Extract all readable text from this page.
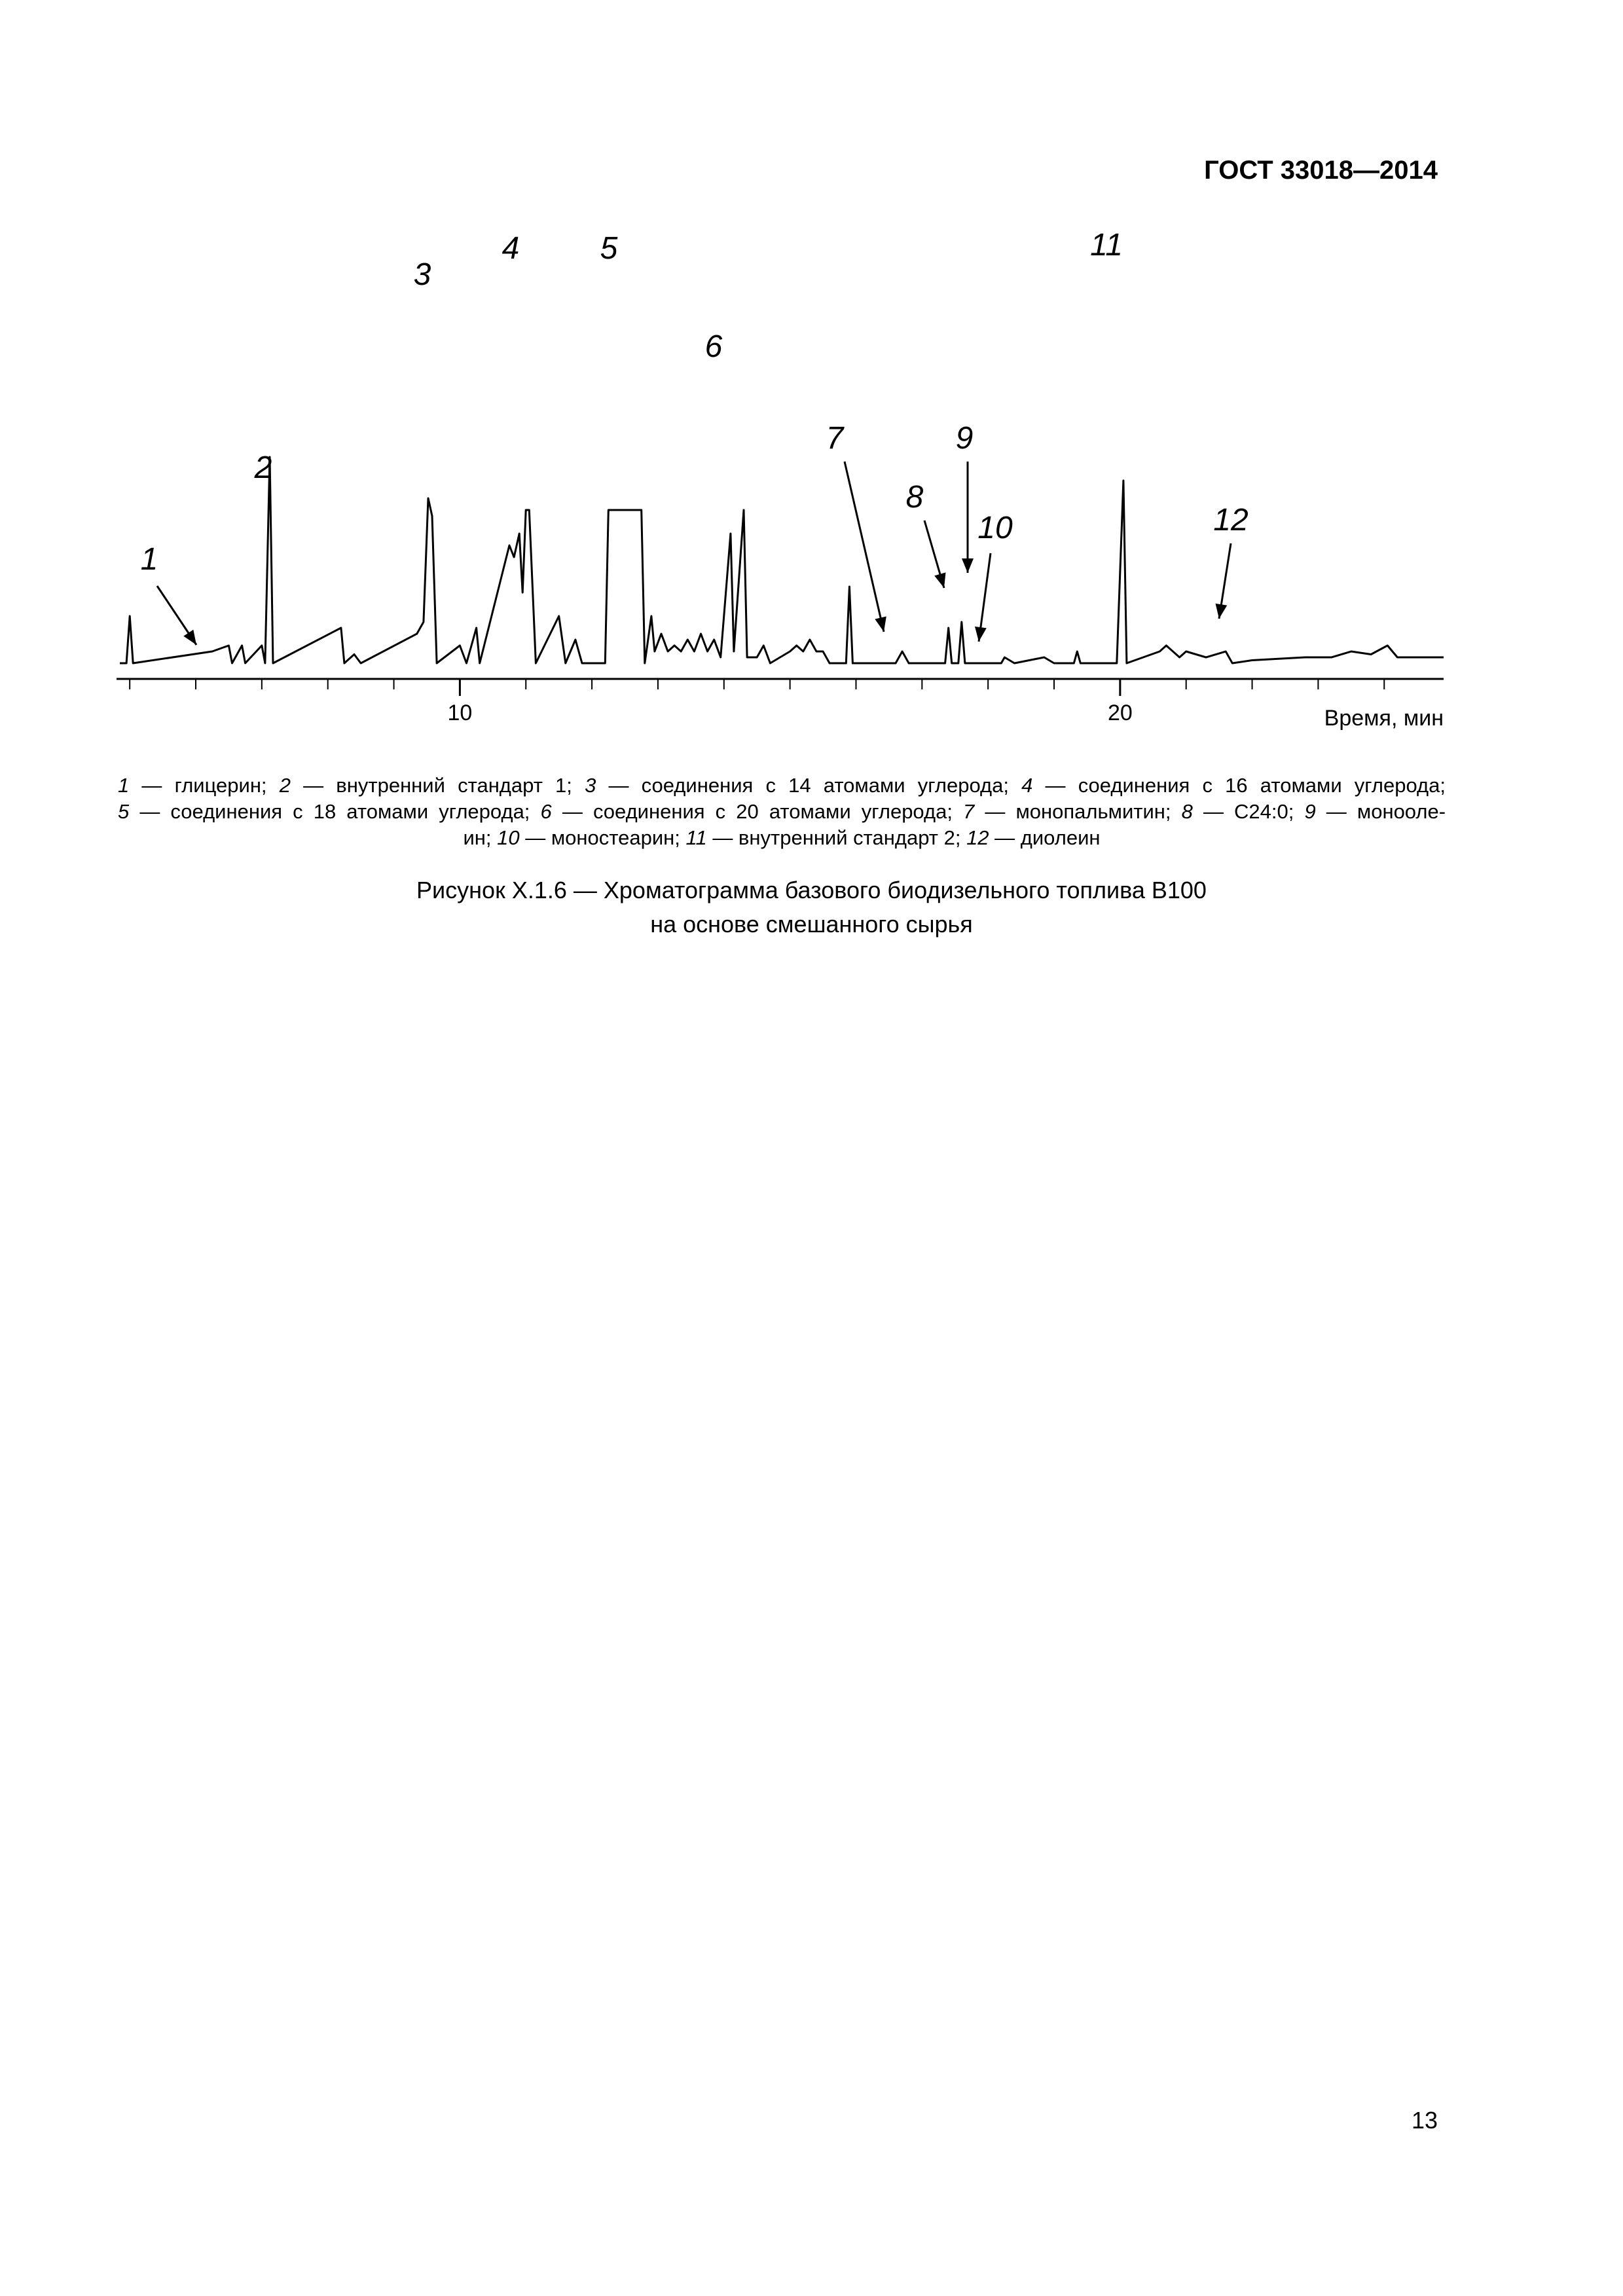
ГОСТ 33018—2014
10	20	Время, мин
1
2
3
4	5
6
7
8
9
10
11
12

1 — глицерин; 2 — внутренний стандарт 1; 3 — соединения с 14 атомами углерода; 4 — соединения с 16 атомами углерода;

5 — соединения с 18 атомами углерода; 6 — соединения с 20 атомами углерода; 7 — монопальмитин; 8 — C24:0; 9 — моноолe-

ин; 10 — моностеарин; 11 — внутренний стандарт 2; 12 — диолеин

Рисунок X.1.6 — Хроматограмма базового биодизельного топлива B100
на основе смешанного сырья
13
